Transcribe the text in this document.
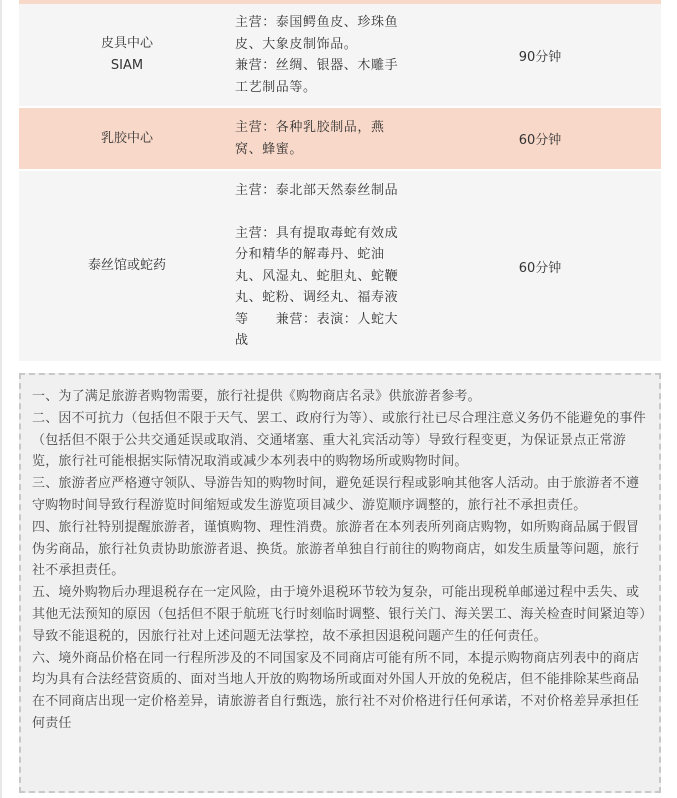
皮具中心
SIAM
主营：泰国鳄鱼皮、珍珠鱼
皮、大象皮制饰品。
兼营：丝绸、银器、木雕手
工艺制品等。
90分钟
乳胶中心
主营：各种乳胶制品，燕
窝、蜂蜜。
60分钟
泰丝馆或蛇药
主营：泰北部天然泰丝制品
主营：具有提取毒蛇有效成
分和精华的解毒丹、蛇油
丸、风湿丸、蛇胆丸、蛇鞭
丸、蛇粉、调经丸、福寿液
等　　兼营：表演：人蛇大
战
60分钟

一、为了满足旅游者购物需要，旅行社提供《购物商店名录》供旅游者参考。

二、因不可抗力（包括但不限于天气、罢工、政府行为等）、或旅行社已尽合理注意义务仍不能避免的事件（包括但不限于公共交通延误或取消、交通堵塞、重大礼宾活动等）导致行程变更，为保证景点正常游览，旅行社可能根据实际情况取消或减少本列表中的购物场所或购物时间。

三、旅游者应严格遵守领队、导游告知的购物时间，避免延误行程或影响其他客人活动。由于旅游者不遵守购物时间导致行程游览时间缩短或发生游览项目减少、游览顺序调整的，旅行社不承担责任。

四、旅行社特别提醒旅游者，谨慎购物、理性消费。旅游者在本列表所列商店购物，如所购商品属于假冒伪劣商品，旅行社负责协助旅游者退、换货。旅游者单独自行前往的购物商店，如发生质量等问题，旅行社不承担责任。

五、境外购物后办理退税存在一定风险，由于境外退税环节较为复杂，可能出现税单邮递过程中丢失、或其他无法预知的原因（包括但不限于航班飞行时刻临时调整、银行关门、海关罢工、海关检查时间紧迫等）导致不能退税的，因旅行社对上述问题无法掌控，故不承担因退税问题产生的任何责任。

六、境外商品价格在同一行程所涉及的不同国家及不同商店可能有所不同，本提示购物商店列表中的商店均为具有合法经营资质的、面对当地人开放的购物场所或面对外国人开放的免税店，但不能排除某些商品在不同商店出现一定价格差异，请旅游者自行甄选，旅行社不对价格进行任何承诺，不对价格差异承担任何责任
